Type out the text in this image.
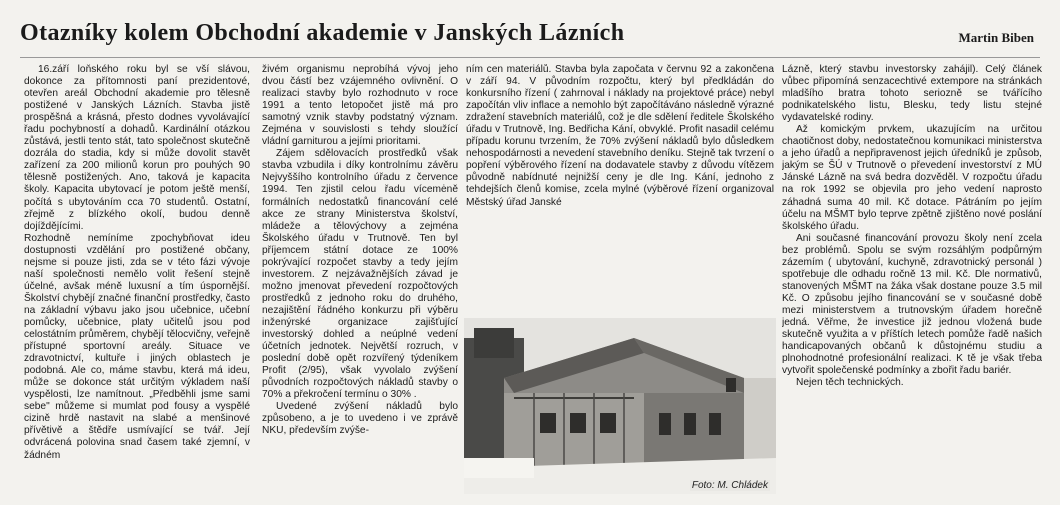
Otazníky kolem Obchodní akademie v Janských Lázních	Martin Biben

16.září loňského roku byl se vší slávou, dokonce za přítomnosti paní prezidentové, otevřen areál Obchodní akademie pro tělesně postižené v Janských Lázních. Stavba jistě prospěšná a krásná, přesto dodnes vyvolávající řadu pochybností a dohadů. Kardinální otázkou zůstává, jestli tento stát, tato společnost skutečně dozrála do stadia, kdy si může dovolit stavět zařízení za 200 milionů korun pro pouhých 90 tělesně postižených. Ano, taková je kapacita školy. Kapacita ubytovací je potom ještě menší, počítá s ubytováním cca 70 studentů. Ostatní, zřejmě z blízkého okolí, budou denně dojíždějícími.

Rozhodně nemíníme zpochybňovat ideu dostupnosti vzdělání pro postižené občany, nejsme si pouze jisti, zda se v této fázi vývoje naší společnosti nemělo volit řešení stejně účelné, avšak méně luxusní a tím úspornější. Školství chybějí značné finanční prostředky, často na základní výbavu jako jsou učebnice, učební pomůcky, učebnice, platy učitelů jsou pod celostátním průměrem, chybějí tělocvičny, veřejně přístupné sportovní areály. Situace ve zdravotnictví, kultuře i jiných oblastech je podobná. Ale co, máme stavbu, která má ideu, může se dokonce stát určitým výkladem naší vyspělosti, lze namítnout. „Předběhli jsme sami sebe" můžeme si mumlat pod fousy a vyspělé cizině hrdě nastavit na slabé a menšinové přívětivě a štědře usmívající se tvář. Její odvrácená polovina snad časem také zjemní, v žádném

živém organismu neprobíhá vývoj jeho dvou částí bez vzájemného ovlivnění. O realizaci stavby bylo rozhodnuto v roce 1991 a tento letopočet jistě má pro samotný vznik stavby podstatný význam. Zejména v souvislosti s tehdy sloužící vládní garniturou a jejími prioritami.

Zájem sdělovacích prostředků však stavba vzbudila i díky kontrolnímu závěru Nejvyššího kontrolního úřadu z července 1994. Ten zjistil celou řadu vícemėně formálních nedostatků financování celé akce ze strany Ministerstva školství, mládeže a tělovýchovy a zejména Školského úřadu v Trutnově. Ten byl příjemcem státní dotace ze 100% pokrývající rozpočet stavby a tedy jejím investorem. Z nejzávažnějších závad je možno jmenovat převedení rozpočtových prostředků z jednoho roku do druhého, nezajištění řádného konkurzu při výběru inženýrské organizace zajišťující investorský dohled a neúplné vedení účetních jednotek. Největší rozruch, v poslední době opět rozvířený týdeníkem Profit (2/95), však vyvolalo zvýšení původních rozpočtových nákladů stavby o 70% a překročení termínu o 30% .

Uvedené zvýšení nákladů bylo způsobeno, a je to uvedeno i ve zprávě NKU, především zvýše-

ním cen materiálů. Stavba byla započata v červnu 92 a zakončena v září 94. V původním rozpočtu, který byl předkládán do konkursního řízení ( zahrnoval i náklady na projektové práce) nebyl započítán vliv inflace a nemohlo být započítáváno následně výrazné zdražení stavebních materiálů, což je dle sdělení ředitele Školského úřadu v Trutnově, Ing. Bedřicha Kání, obvyklé. Profit nasadil celému případu korunu tvrzením, že 70% zvýšení nákladů bylo důsledkem nehospodárnosti a nevedení stavebního deníku. Stejně tak tvrzení o popření výběrového řízení na dodavatele stavby z důvodu vítězem původně nabídnuté nejnižší ceny je dle Ing. Kání, jednoho z tehdejších členů komise, zcela mylné (výběrové řízení organizoval Městský úřad Janské

Foto: M. Chládek

Lázně, který stavbu investorsky zahájil). Celý článek vůbec připomíná senzacechtivé extempore na stránkách mladšího bratra tohoto seriozně se tvářícího podnikatelského listu, Blesku, tedy listu stejné vydavatelské rodiny.

Až komickým prvkem, ukazujícím na určitou chaotičnost doby, nedostatečnou komunikaci ministerstva a jeho úřadů a nepřipravenost jejich úředníků je způsob, jakým se ŠÚ v Trutnově o převedení investorství z MÚ Jánské Lázně na svá bedra dozvěděl. V rozpočtu úřadu na rok 1992 se objevila pro jeho vedení naprosto záhadná suma 40 mil. Kč dotace. Pátráním po jejím účelu na MŠMT bylo teprve zpětně zjištěno nové poslání školského úřadu.

Ani současné financování provozu školy není zcela bez problémů. Spolu se svým rozsáhlým podpůrným zázemím ( ubytování, kuchyně, zdravotnický personál ) spotřebuje dle odhadu ročně 13 mil. Kč. Dle normativů, stanovených MŠMT na žáka však dostane pouze 3.5 mil Kč. O způsobu jejího financování se v současné době mezi ministerstvem a trutnovským úřadem horečně jedná. Věřme, že investice již jednou vložená bude skutečně využita a v příštích letech pomůže řadě našich handicapovaných občanů k důstojnému studiu a plnohodnotné profesionální realizaci. K tě je však třeba vytvořit společenské podmínky a zbořit řadu bariér.

Nejen těch technických.
